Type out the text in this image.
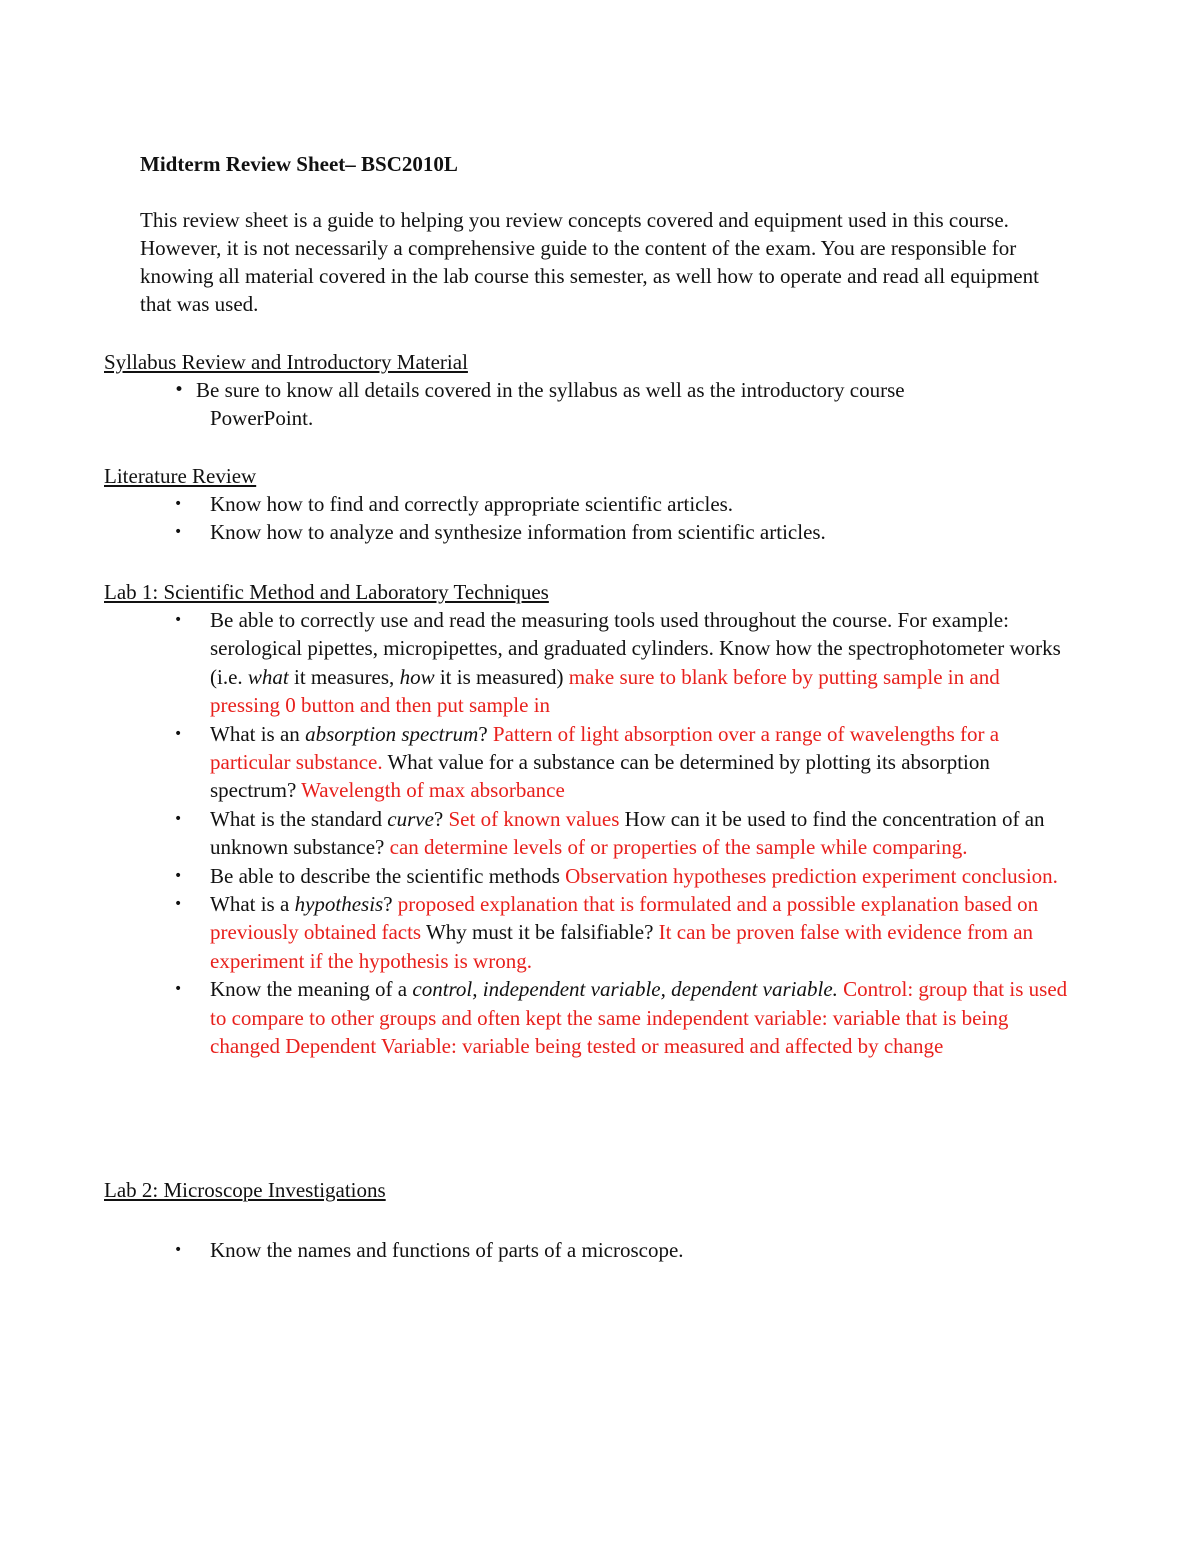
Midterm Review Sheet– BSC2010L

This review sheet is a guide to helping you review concepts covered and equipment used in this course. However, it is not necessarily a comprehensive guide to the content of the exam. You are responsible for knowing all material covered in the lab course this semester, as well how to operate and read all equipment that was used.

Syllabus Review and Introductory Material

• Be sure to know all details covered in the syllabus as well as the introductory course
PowerPoint.

Literature Review

• Know how to find and correctly appropriate scientific articles.
• Know how to analyze and synthesize information from scientific articles.

Lab 1: Scientific Method and Laboratory Techniques

• Be able to correctly use and read the measuring tools used throughout the course. For example: serological pipettes, micropipettes, and graduated cylinders. Know how the spectrophotometer works (i.e. what it measures, how it is measured) make sure to blank before by putting sample in and pressing 0 button and then put sample in
• What is an absorption spectrum? Pattern of light absorption over a range of wavelengths for a particular substance. What value for a substance can be determined by plotting its absorption spectrum? Wavelength of max absorbance
• What is the standard curve? Set of known values How can it be used to find the concentration of an unknown substance? can determine levels of or properties of the sample while comparing.
• Be able to describe the scientific methods Observation hypotheses prediction experiment conclusion.
• What is a hypothesis? proposed explanation that is formulated and a possible explanation based on previously obtained facts Why must it be falsifiable? It can be proven false with evidence from an experiment if the hypothesis is wrong.
• Know the meaning of a control, independent variable, dependent variable. Control: group that is used to compare to other groups and often kept the same independent variable: variable that is being changed Dependent Variable: variable being tested or measured and affected by change

Lab 2: Microscope Investigations

• Know the names and functions of parts of a microscope.
